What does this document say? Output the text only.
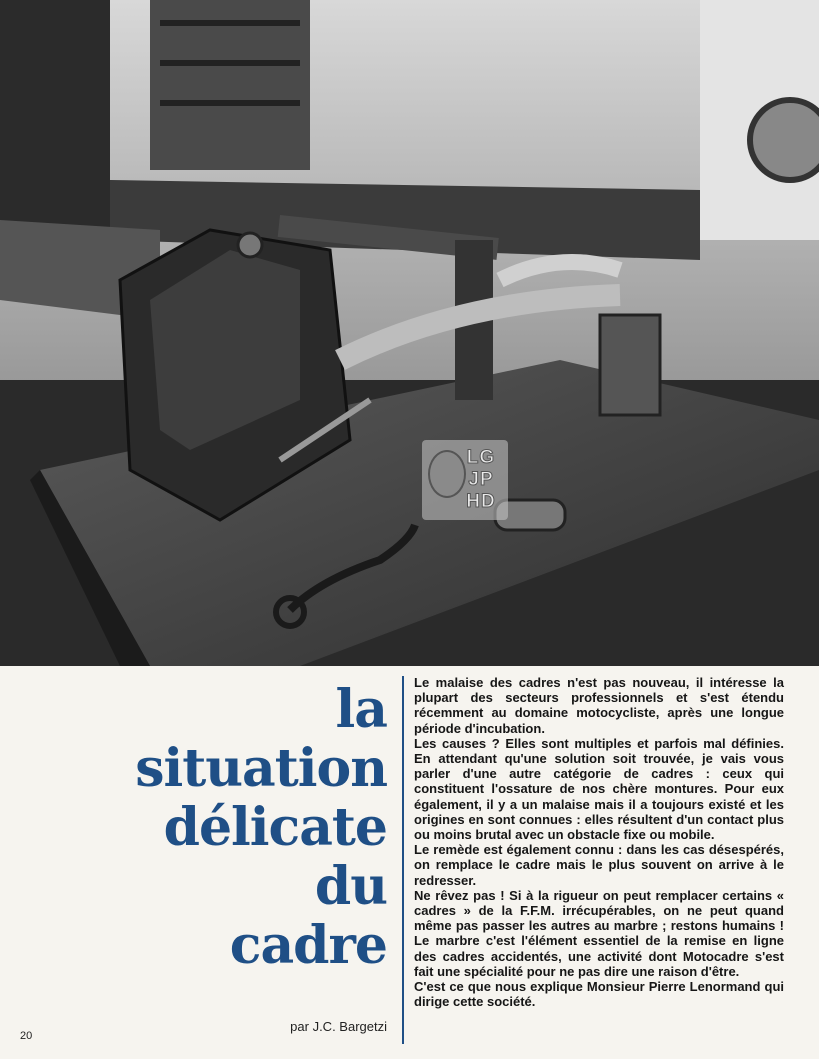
LG
JP
HD
la
situation
délicate
du
cadre
par J.C. Bargetzi
20

Le malaise des cadres n'est pas nouveau, il intéresse la plupart des secteurs professionnels et s'est étendu récemment au domaine motocycliste, après une longue période d'incubation.

Les causes ? Elles sont multiples et parfois mal définies. En attendant qu'une solution soit trouvée, je vais vous parler d'une autre catégorie de cadres : ceux qui constituent l'ossature de nos chère montures. Pour eux également, il y a un malaise mais il a toujours existé et les origines en sont connues : elles résultent d'un contact plus ou moins brutal avec un obstacle fixe ou mobile.

Le remède est également connu : dans les cas désespérés, on remplace le cadre mais le plus souvent on arrive à le redresser.

Ne rêvez pas ! Si à la rigueur on peut remplacer certains « cadres » de la F.F.M. irrécupérables, on ne peut quand même pas passer les autres au marbre ; restons humains ! Le marbre c'est l'élément essentiel de la remise en ligne des cadres accidentés, une activité dont Motocadre s'est fait une spécialité pour ne pas dire une raison d'être.

C'est ce que nous explique Monsieur Pierre Lenormand qui dirige cette société.
